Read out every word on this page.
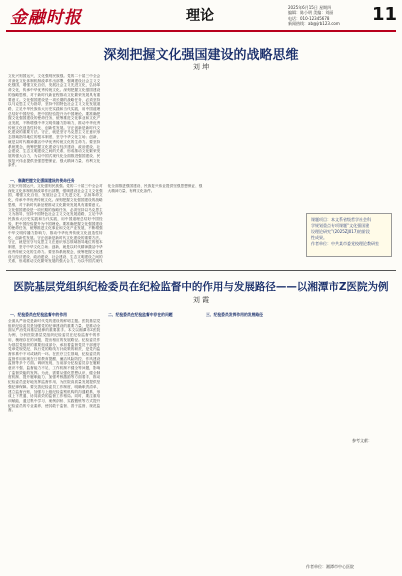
金融时报	理论
2025年6月15日 星期四
编辑：陈小明 美编：刘丽
电话：010-12345678
新闻热线：ab@jrb123.com	11
深刻把握文化强国建设的战略思维
刘 坤
文化兴则国运兴，文化强则民族强。党的二十届三中全会对深化文化体制机制改革作出部署，强调建设社会主义文化强国，增强文化自信，发展社会主义先进文化，弘扬革命文化，传承中华优秀传统文化。深刻把握文化强国建设的战略思维，对于新时代新征程推动文化繁荣发展具有重要意义。文化强国建设是一项长期的战略任务，必须坚持以马克思主义为指导，坚持中国特色社会主义文化发展道路，立足中华民族伟大历史实践和当代实践，用中国道理总结好中国经验，把中国经验提升为中国理论。要准确把握文化强国建设的使命任务，统筹推进文化事业和文化产业发展，不断增强中华文明传播力影响力，推动中华优秀传统文化创造性转化、创新性发展。守正创新是新时代文化建设的重要方法。守正，就是坚守马克思主义在意识形态领域指导地位的根本制度，坚守中华文化立场；创新，就是以时代精神激活中华优秀传统文化的生命力。要坚持系统观念，统筹把握文化建设与经济建设、政治建设、社会建设、生态文明建设之间的关系，形成推动文化繁荣发展的强大合力，为以中国式现代化全面推进强国建设、民族复兴伟业提供坚强思想保证、强大精神力量、有利文化条件。
一、准确把握文化强国建设的使命任务
文化兴则国运兴，文化强则民族强。党的二十届三中全会对深化文化体制机制改革作出部署，强调建设社会主义文化强国，增强文化自信，发展社会主义先进文化，弘扬革命文化，传承中华优秀传统文化。深刻把握文化强国建设的战略思维，对于新时代新征程推动文化繁荣发展具有重要意义。文化强国建设是一项长期的战略任务，必须坚持以马克思主义为指导，坚持中国特色社会主义文化发展道路，立足中华民族伟大历史实践和当代实践，用中国道理总结好中国经验，把中国经验提升为中国理论。要准确把握文化强国建设的使命任务，统筹推进文化事业和文化产业发展，不断增强中华文明传播力影响力，推动中华优秀传统文化创造性转化、创新性发展。守正创新是新时代文化建设的重要方法。守正，就是坚守马克思主义在意识形态领域指导地位的根本制度，坚守中华文化立场；创新，就是以时代精神激活中华优秀传统文化的生命力。要坚持系统观念，统筹把握文化建设与经济建设、政治建设、社会建设、生态文明建设之间的关系，形成推动文化繁荣发展的强大合力，为以中国式现代化全面推进强国建设、民族复兴伟业提供坚强思想保证、强大精神力量、有利文化条件。
课题项目：本文系省级哲学社会科
学规划重点专项课题“文化强国建
设理论研究”(2025ZJ017)的阶段
性成果。
作者单位：中共某市委党校理论教研室
医院基层党组织纪检委员在纪检监督中的作用与发展路径——以湘潭市Z医院为例
刘 霞
一、纪检委员在纪检监督中的作用	二、纪检委员在纪检监督中存在的问题	三、纪检委员发挥作用的发展路径
全面从严治党是新时代党的建设的鲜明主题。医院基层党组织纪检委员是加强党的纪律建设的重要力量，是推动全面从严治党向基层延伸的重要抓手。本文以湘潭市Z医院为例，分析医院基层党组织纪检委员在纪检监督中的作用，梳理存在的问题，提出相应的发展路径。纪检委员作为基层党组织的重要组成部分，承担着监督党员干部遵守党章党规党纪、执行党的路线方针政策的职责，是党内监督体系中不可或缺的一环。在医疗卫生领域，纪检委员的监督作用体现在日常教育提醒、廉洁风险防控、作风建设监督等多个方面。调研发现，当前部分纪检委员存在履职意识不强、监督能力不足、工作机制不健全等问题，影响了监督效能的发挥。为此，需要从强化思想认识、健全制度机制、提升履职能力、加强考核激励等方面着手，推动纪检委员更好地发挥监督作用，为医院高质量发展提供坚强纪律保障。要完善纪检委员工作制度，明确职责清单，建立监督台账，加强与上级纪检监察机构的沟通联系，形成上下贯通、协同高效的监督工作格局。同时，要注重培训赋能，通过集中学习、案例剖析、实践锻炼等方式提升纪检委员的专业素养，使其敢于监督、善于监督、规范监督。
参考文献：
作者单位：湘潭市中心医院
